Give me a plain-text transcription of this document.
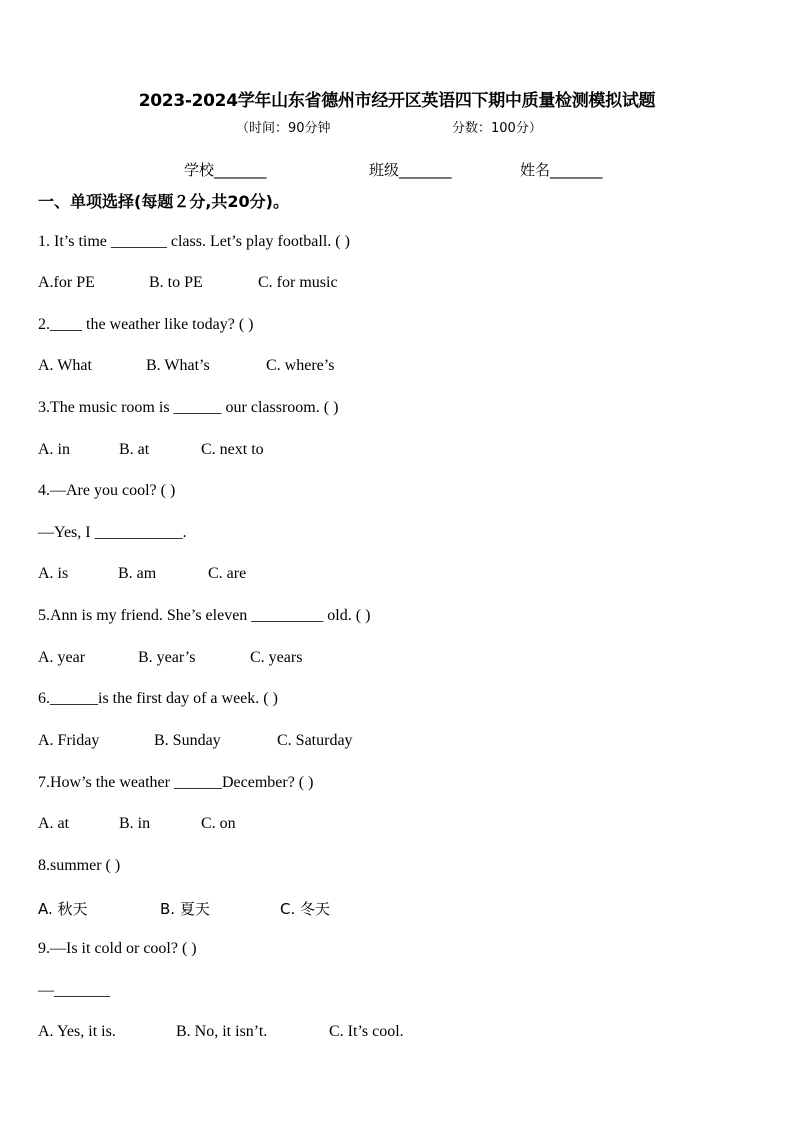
2023-2024学年山东省德州市经开区英语四下期中质量检测模拟试题
（时间：90分钟	分数：100分）
学校_______	班级_______	姓名_______
一、单项选择(每题２分,共20分)。
1. It’s time _______ class. Let’s play football. ( )
A.for PE	B. to PE	C. for music
2.____ the weather like today? ( )
A. What	B. What’s	C. where’s
3.The music room is ______ our classroom. ( )
A. in	B. at	C. next to
4.—Are you cool? ( )
—Yes, I ___________.
A. is	B. am	C. are
5.Ann is my friend. She’s eleven _________ old. ( )
A. year	B. year’s	C. years
6.______is the first day of a week. ( )
A. Friday	B. Sunday	C. Saturday
7.How’s the weather ______December? ( )
A. at	B. in	C. on
8.summer ( )
A. 秋天	B. 夏天	C. 冬天
9.—Is it cold or cool? ( )
—_______
A. Yes, it is.	B. No, it isn’t.	C. It’s cool.
